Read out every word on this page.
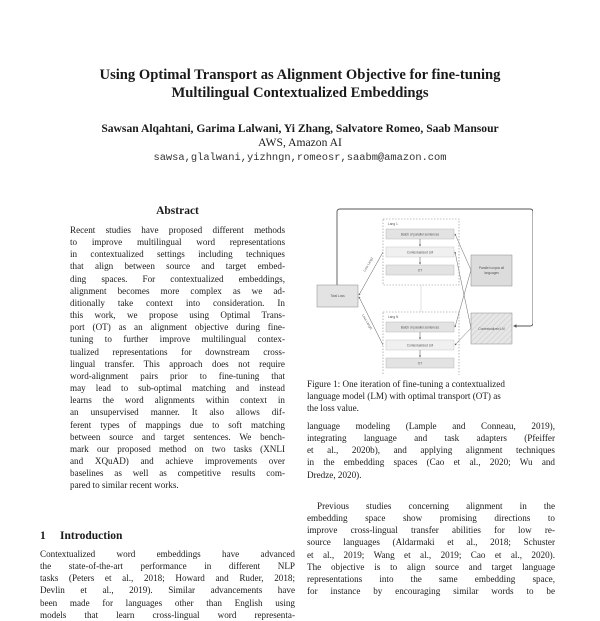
Using Optimal Transport as Alignment Objective for fine-tuning
Multilingual Contextualized Embeddings
Sawsan Alqahtani, Garima Lalwani, Yi Zhang, Salvatore Romeo, Saab Mansour
AWS, Amazon AI
sawsa,glalwani,yizhngn,romeosr,saabm@amazon.com
Abstract
Recent studies have proposed different methods
to improve multilingual word representations
in contextualized settings including techniques
that align between source and target embed-
ding spaces. For contextualized embeddings,
alignment becomes more complex as we ad-
ditionally take context into consideration. In
this work, we propose using Optimal Trans-
port (OT) as an alignment objective during fine-
tuning to further improve multilingual contex-
tualized representations for downstream cross-
lingual transfer. This approach does not require
word-alignment pairs prior to fine-tuning that
may lead to sub-optimal matching and instead
learns the word alignments within context in
an unsupervised manner. It also allows dif-
ferent types of mappings due to soft matching
between source and target sentences. We bench-
mark our proposed method on two tasks (XNLI
and XQuAD) and achieve improvements over
baselines as well as competitive results com-
pared to similar recent works.
1 Introduction
Contextualized word embeddings have advanced
the state-of-the-art performance in different NLP
tasks (Peters et al., 2018; Howard and Ruder, 2018;
Devlin et al., 2019). Similar advancements have
been made for languages other than English using
models that learn cross-lingual word representa-
Lang 1
Batch of parallel sentences
Contextualized LM
OT
Lang N
Batch of parallel sentences
Contextualized LM
OT
Total Loss
Loss Lang1
Loss LangN
Parallel corpus all
languages
Contextualized LM
Figure 1: One iteration of fine-tuning a contextualized
language model (LM) with optimal transport (OT) as
the loss value.
language modeling (Lample and Conneau, 2019),
integrating language and task adapters (Pfeiffer
et al., 2020b), and applying alignment techniques
in the embedding spaces (Cao et al., 2020; Wu and
Dredze, 2020).
Previous studies concerning alignment in the
embedding space show promising directions to
improve cross-lingual transfer abilities for low re-
source languages (Aldarmaki et al., 2018; Schuster
et al., 2019; Wang et al., 2019; Cao et al., 2020).
The objective is to align source and target language
representations into the same embedding space,
for instance by encouraging similar words to be
